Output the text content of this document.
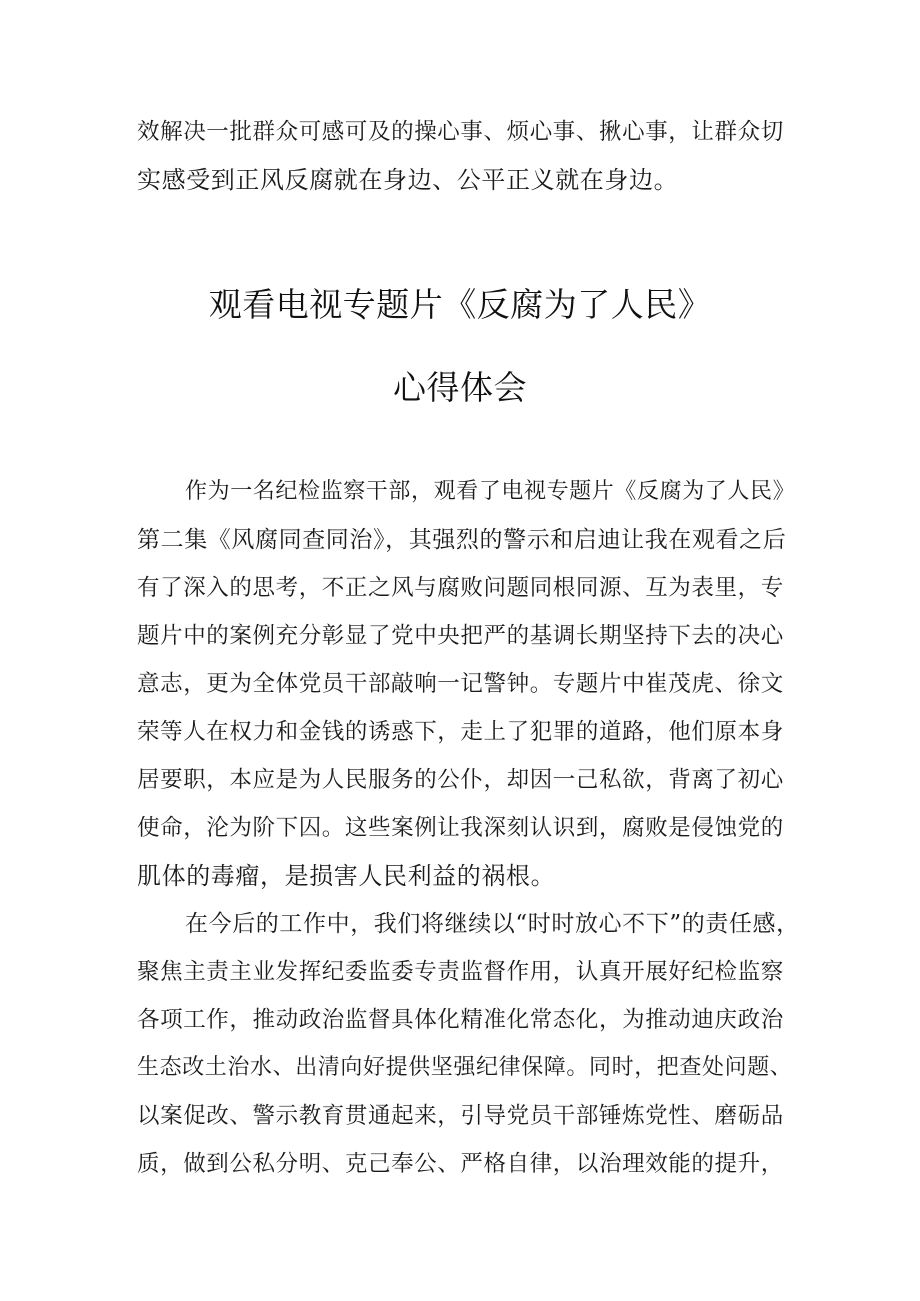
效解决一批群众可感可及的操心事、烦心事、揪心事，让群众切
实感受到正风反腐就在身边、公平正义就在身边。
观看电视专题片《反腐为了人民》
心得体会
作为一名纪检监察干部，观看了电视专题片《反腐为了人民》
第二集《风腐同查同治》，其强烈的警示和启迪让我在观看之后
有了深入的思考，不正之风与腐败问题同根同源、互为表里，专
题片中的案例充分彰显了党中央把严的基调长期坚持下去的决心
意志，更为全体党员干部敲响一记警钟。专题片中崔茂虎、徐文
荣等人在权力和金钱的诱惑下，走上了犯罪的道路，他们原本身
居要职，本应是为人民服务的公仆，却因一己私欲，背离了初心
使命，沦为阶下囚。这些案例让我深刻认识到，腐败是侵蚀党的
肌体的毒瘤，是损害人民利益的祸根。
在今后的工作中，我们将继续以“时时放心不下”的责任感，
聚焦主责主业发挥纪委监委专责监督作用，认真开展好纪检监察
各项工作，推动政治监督具体化精准化常态化，为推动迪庆政治
生态改土治水、出清向好提供坚强纪律保障。同时，把查处问题、
以案促改、警示教育贯通起来，引导党员干部锤炼党性、磨砺品
质，做到公私分明、克己奉公、严格自律，以治理效能的提升，
